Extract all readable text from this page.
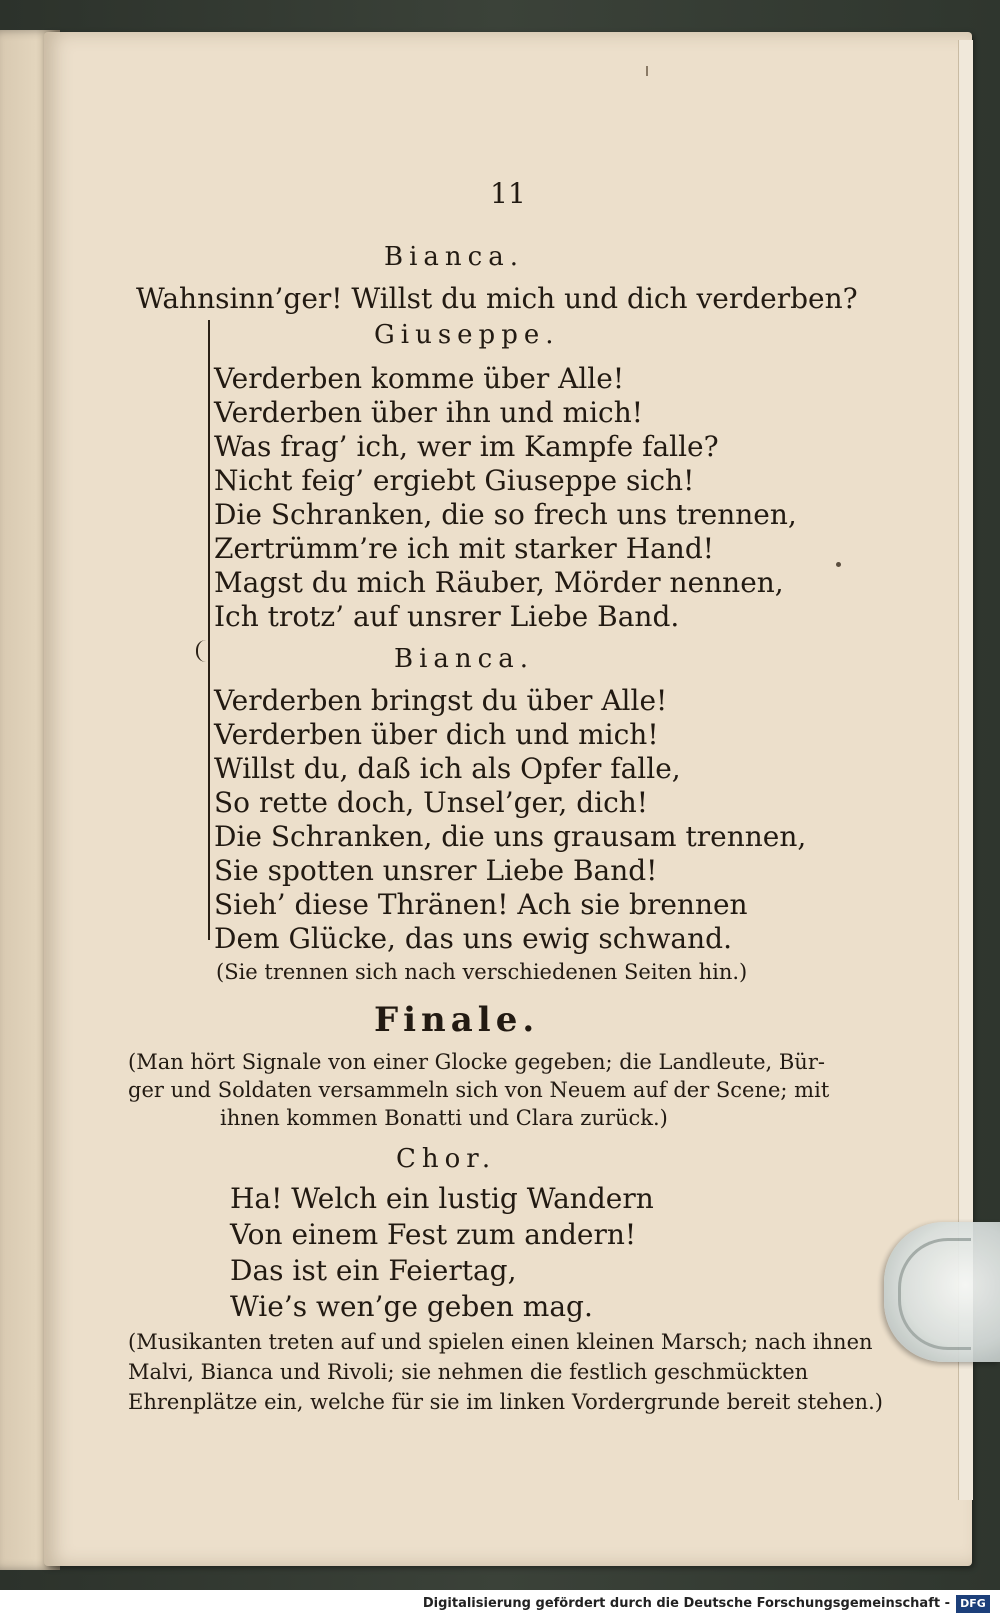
11
Bianca.
Wahnsinn’ger! Willst du mich und dich verderben?
Giuseppe.
Verderben komme über Alle!
Verderben über ihn und mich!
Was frag’ ich, wer im Kampfe falle?
Nicht feig’ ergiebt Giuseppe sich!
Die Schranken, die so frech uns trennen,
Zertrümm’re ich mit starker Hand!
Magst du mich Räuber, Mörder nennen,
Ich trotz’ auf unsrer Liebe Band.
Bianca.
Verderben bringst du über Alle!
Verderben über dich und mich!
Willst du, daß ich als Opfer falle,
So rette doch, Unsel’ger, dich!
Die Schranken, die uns grausam trennen,
Sie spotten unsrer Liebe Band!
Sieh’ diese Thränen! Ach sie brennen
Dem Glücke, das uns ewig schwand.
(Sie trennen sich nach verschiedenen Seiten hin.)
Finale.
(Man hört Signale von einer Glocke gegeben; die Landleute, Bür-
ger und Soldaten versammeln sich von Neuem auf der Scene; mit
ihnen kommen Bonatti und Clara zurück.)
Chor.
Ha! Welch ein lustig Wandern
Von einem Fest zum andern!
Das ist ein Feiertag,
Wie’s wen’ge geben mag.
(Musikanten treten auf und spielen einen kleinen Marsch; nach ihnen
Malvi, Bianca und Rivoli; sie nehmen die festlich geschmückten
Ehrenplätze ein, welche für sie im linken Vordergrunde bereit stehen.)
Digitalisierung gefördert durch die Deutsche Forschungsgemeinschaft - DFG
